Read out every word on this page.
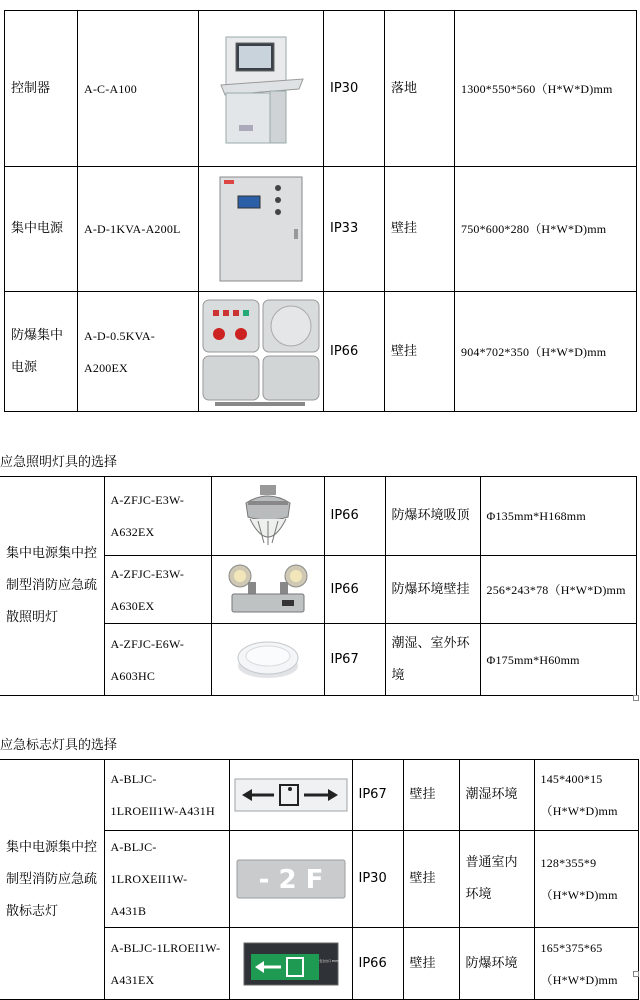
控制器	A-C-A100		IP30	落地	1300*550*560（H*W*D)mm
集中电源	A-D-1KVA-A200L		IP33	壁挂	750*600*280（H*W*D)mm
防爆集中电源	A-D-0.5KVA-A200EX		IP66	壁挂	904*702*350（H*W*D)mm
应急照明灯具的选择
集中电源集中控制型消防应急疏散照明灯	A-ZFJC-E3W-A632EX		IP66	防爆环境吸顶	Φ135mm*H168mm
	A-ZFJC-E3W-A630EX		IP66	防爆环境壁挂	256*243*78（H*W*D)mm
	A-ZFJC-E6W-A603HC		IP67	潮湿、室外环境	Φ175mm*H60mm
应急标志灯具的选择
集中电源集中控制型消防应急疏散标志灯	A-BLJC-1LROEII1W-A431H		IP67	壁挂	潮湿环境	145*400*15（H*W*D)mm
	A-BLJC-1LROXEII1W-A431B	- 2 F	IP30	壁挂	普通室内环境	128*355*9（H*W*D)mm
	A-BLJC-1LROEI1W-A431EX	安全出口 EXIT	IP66	壁挂	防爆环境	165*375*65（H*W*D)mm
